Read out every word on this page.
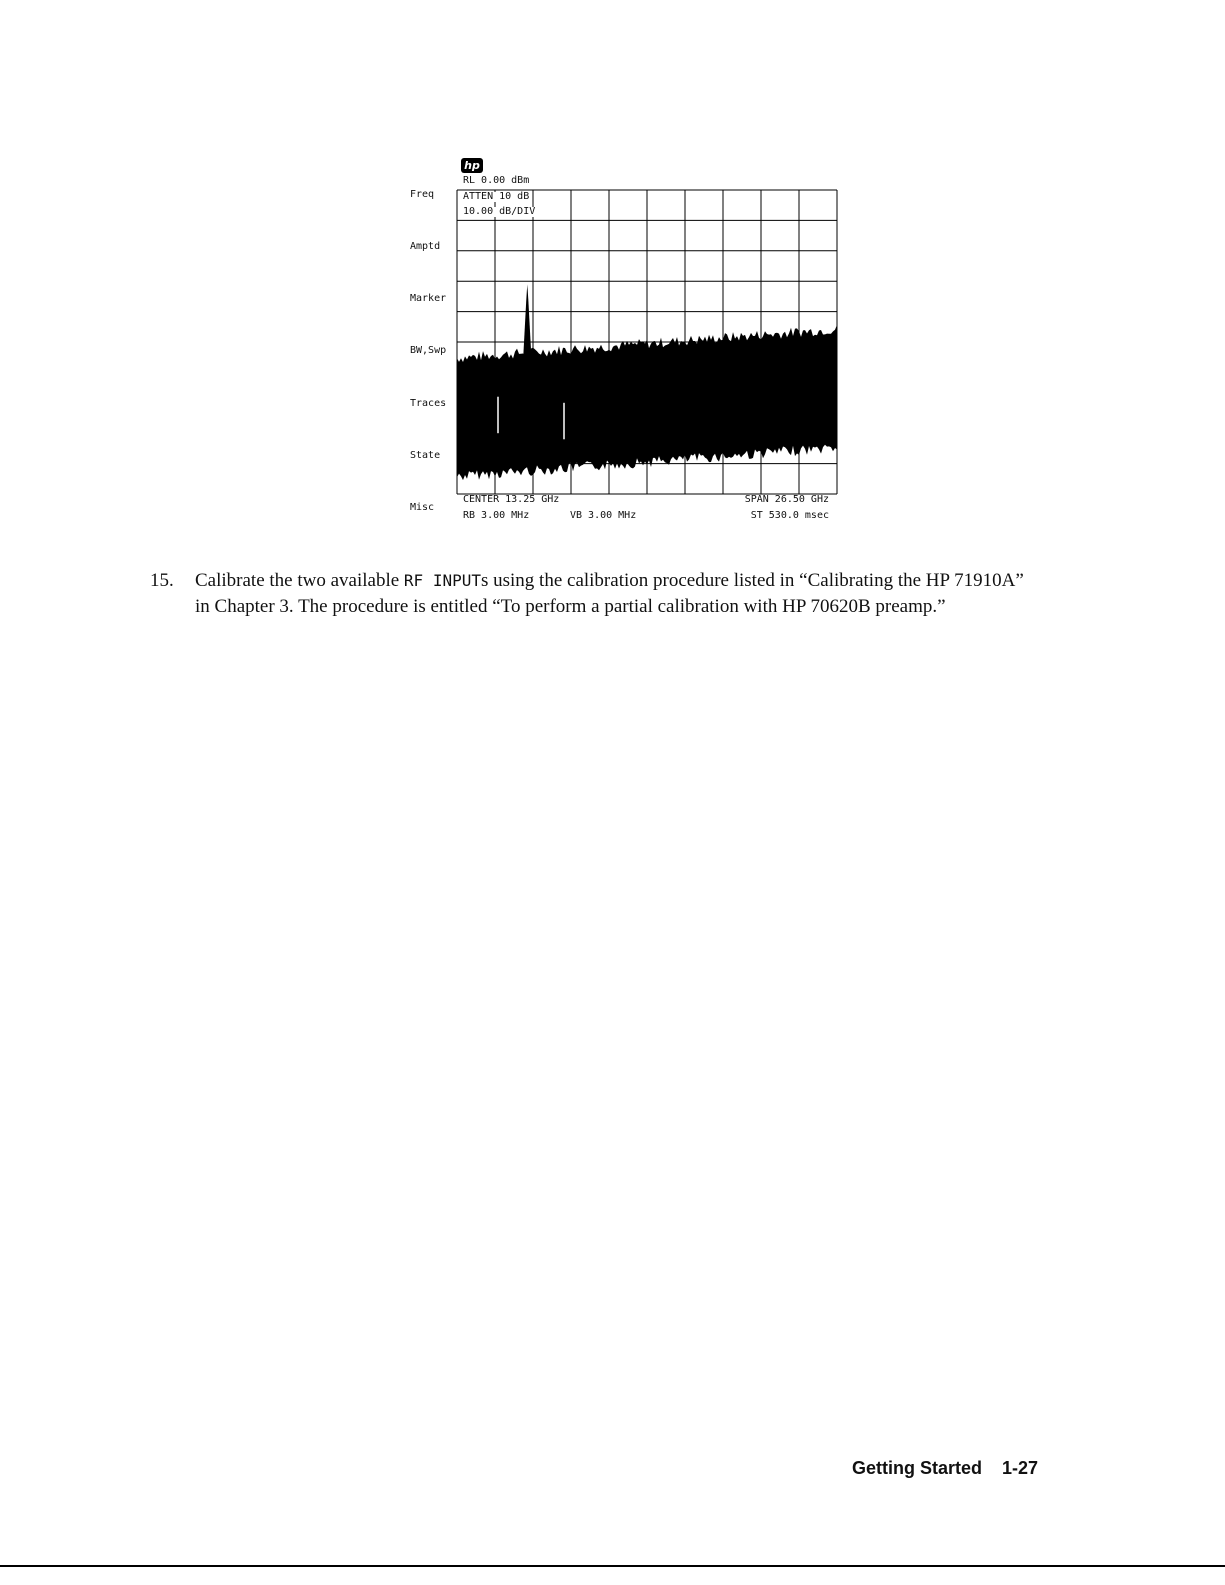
hp
Freq
Amptd
Marker
BW,Swp
Traces
State
Misc
RL 0.00 dBm
ATTEN 10 dB
10.00 dB/DIV
CENTER 13.25 GHz
RB 3.00 MHz	VB 3.00 MHz
SPAN 26.50 GHz
ST 530.0 msec
15. Calibrate the two available RF INPUTs using the calibration procedure listed in “Calibrating the HP 71910A” in Chapter 3. The procedure is entitled “To perform a partial calibration with HP 70620B preamp.”
Getting Started 1-27
